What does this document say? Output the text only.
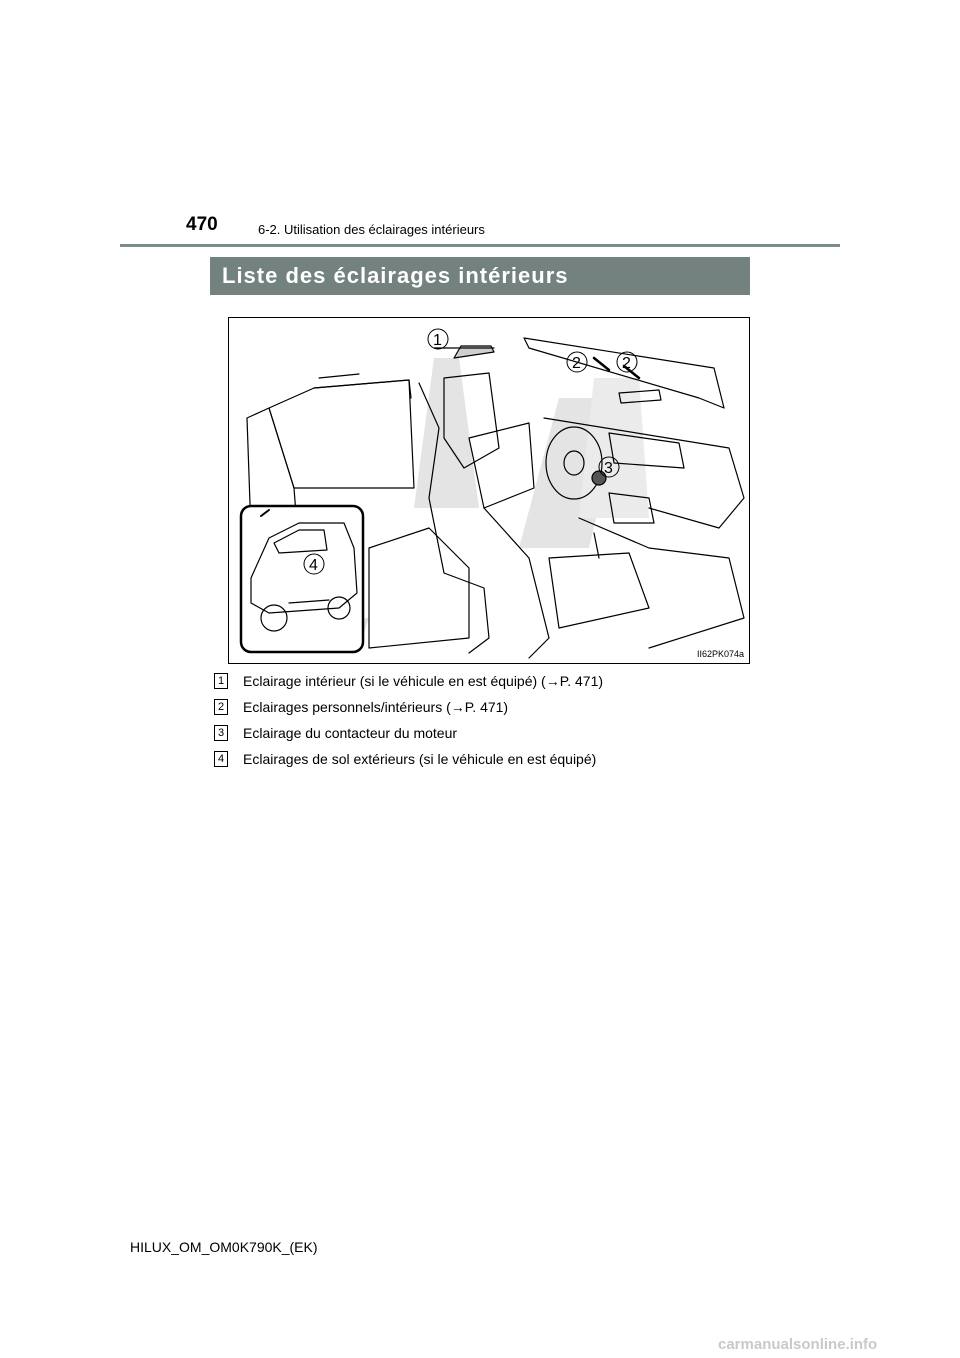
470	6-2. Utilisation des éclairages intérieurs
Liste des éclairages intérieurs
1
2	2
3
4
II62PK074a
1 Eclairage intérieur (si le véhicule en est équipé) (→P. 471)
2 Eclairages personnels/intérieurs (→P. 471)
3 Eclairage du contacteur du moteur
4 Eclairages de sol extérieurs (si le véhicule en est équipé)
HILUX_OM_OM0K790K_(EK)
carmanualsonline.info
